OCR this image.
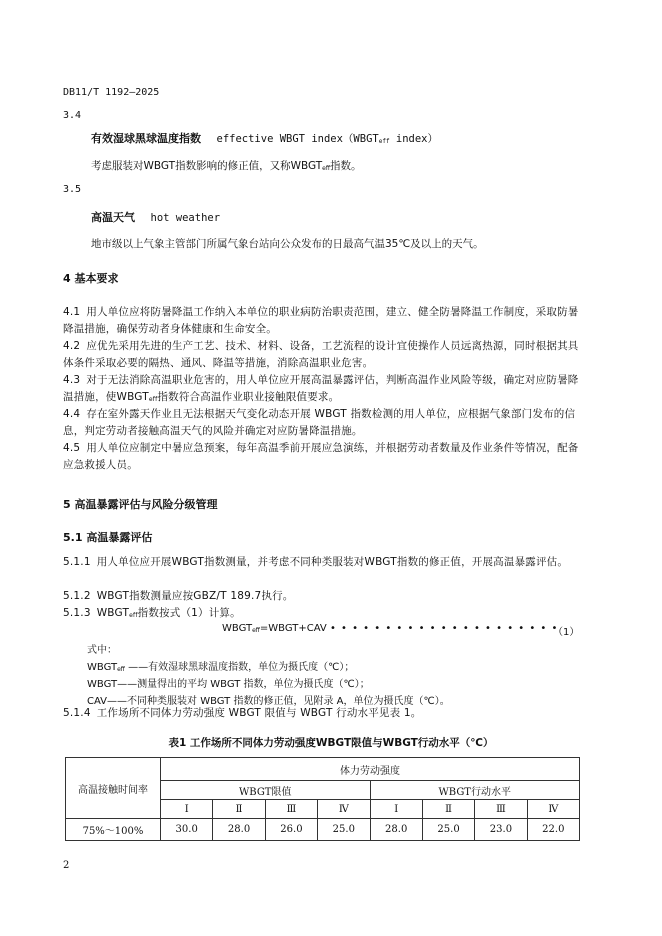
DB11/T 1192—2025
3.4
有效湿球黑球温度指数 effective WBGT index（WBGTeff index）
考虑服装对WBGT指数影响的修正值，又称WBGTeff指数。
3.5
高温天气 hot weather
地市级以上气象主管部门所属气象台站向公众发布的日最高气温35℃及以上的天气。
4 基本要求
4.1 用人单位应将防暑降温工作纳入本单位的职业病防治职责范围，建立、健全防暑降温工作制度，采取防暑降温措施，确保劳动者身体健康和生命安全。
4.2 应优先采用先进的生产工艺、技术、材料、设备，工艺流程的设计宜使操作人员远离热源，同时根据其具体条件采取必要的隔热、通风、降温等措施，消除高温职业危害。
4.3 对于无法消除高温职业危害的，用人单位应开展高温暴露评估，判断高温作业风险等级，确定对应防暑降温措施，使WBGTeff指数符合高温作业职业接触限值要求。
4.4 存在室外露天作业且无法根据天气变化动态开展 WBGT 指数检测的用人单位，应根据气象部门发布的信息，判定劳动者接触高温天气的风险并确定对应防暑降温措施。
4.5 用人单位应制定中暑应急预案，每年高温季前开展应急演练，并根据劳动者数量及作业条件等情况，配备应急救援人员。
5 高温暴露评估与风险分级管理
5.1 高温暴露评估
5.1.1 用人单位应开展WBGT指数测量，并考虑不同种类服装对WBGT指数的修正值，开展高温暴露评估。
5.1.2 WBGT指数测量应按GBZ/T 189.7执行。
5.1.3 WBGTeff指数按式（1）计算。
WBGTeff=WBGT+CAV • • • • • • • • • • • • • • • • • • • • •
（1）
式中：
WBGTeff ——有效湿球黑球温度指数，单位为摄氏度（℃）；
WBGT——测量得出的平均 WBGT 指数，单位为摄氏度（℃）；
CAV——不同种类服装对 WBGT 指数的修正值，见附录 A，单位为摄氏度（℃）。
5.1.4 工作场所不同体力劳动强度 WBGT 限值与 WBGT 行动水平见表 1。
表1 工作场所不同体力劳动强度WBGT限值与WBGT行动水平（℃）
高温接触时间率	体力劳动强度							
	WBGT限值				WBGT行动水平			
	Ⅰ	Ⅱ	Ⅲ	Ⅳ	Ⅰ	Ⅱ	Ⅲ	Ⅳ
75%～100%	30.0	28.0	26.0	25.0	28.0	25.0	23.0	22.0
2
